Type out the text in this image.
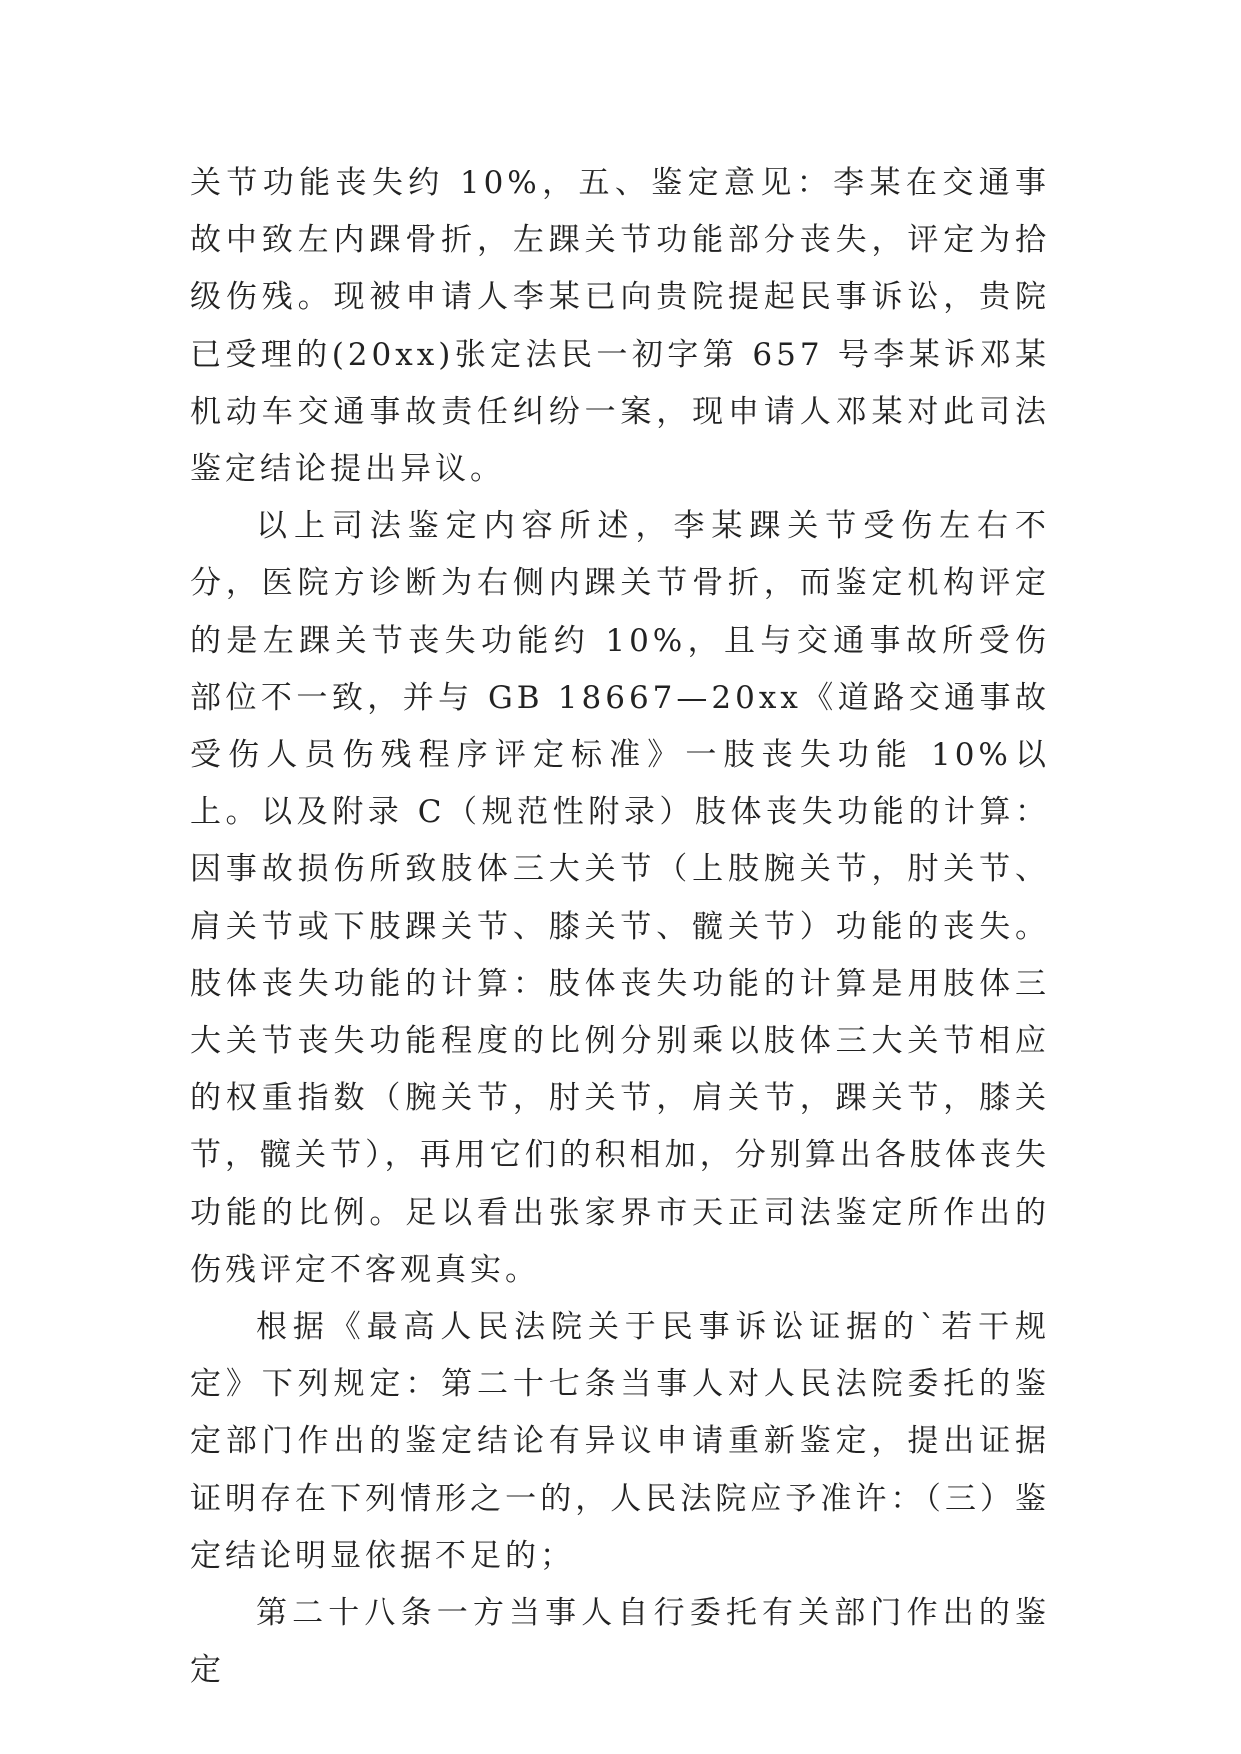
关节功能丧失约 10%，五、鉴定意见：李某在交通事故中致左内踝骨折，左踝关节功能部分丧失，评定为拾级伤残。现被申请人李某已向贵院提起民事诉讼，贵院已受理的(20xx)张定法民一初字第 657 号李某诉邓某机动车交通事故责任纠纷一案，现申请人邓某对此司法鉴定结论提出异议。

以上司法鉴定内容所述，李某踝关节受伤左右不分，医院方诊断为右侧内踝关节骨折，而鉴定机构评定的是左踝关节丧失功能约 10%，且与交通事故所受伤部位不一致，并与 GB 18667—20xx《道路交通事故受伤人员伤残程序评定标准》一肢丧失功能 10%以上。以及附录 C（规范性附录）肢体丧失功能的计算：因事故损伤所致肢体三大关节（上肢腕关节，肘关节、肩关节或下肢踝关节、膝关节、髋关节）功能的丧失。肢体丧失功能的计算：肢体丧失功能的计算是用肢体三大关节丧失功能程度的比例分别乘以肢体三大关节相应的权重指数（腕关节，肘关节，肩关节，踝关节，膝关节，髋关节），再用它们的积相加，分别算出各肢体丧失功能的比例。足以看出张家界市天正司法鉴定所作出的伤残评定不客观真实。

根据《最高人民法院关于民事诉讼证据的`若干规定》下列规定：第二十七条当事人对人民法院委托的鉴定部门作出的鉴定结论有异议申请重新鉴定，提出证据证明存在下列情形之一的，人民法院应予准许：（三）鉴定结论明显依据不足的；

第二十八条一方当事人自行委托有关部门作出的鉴定
